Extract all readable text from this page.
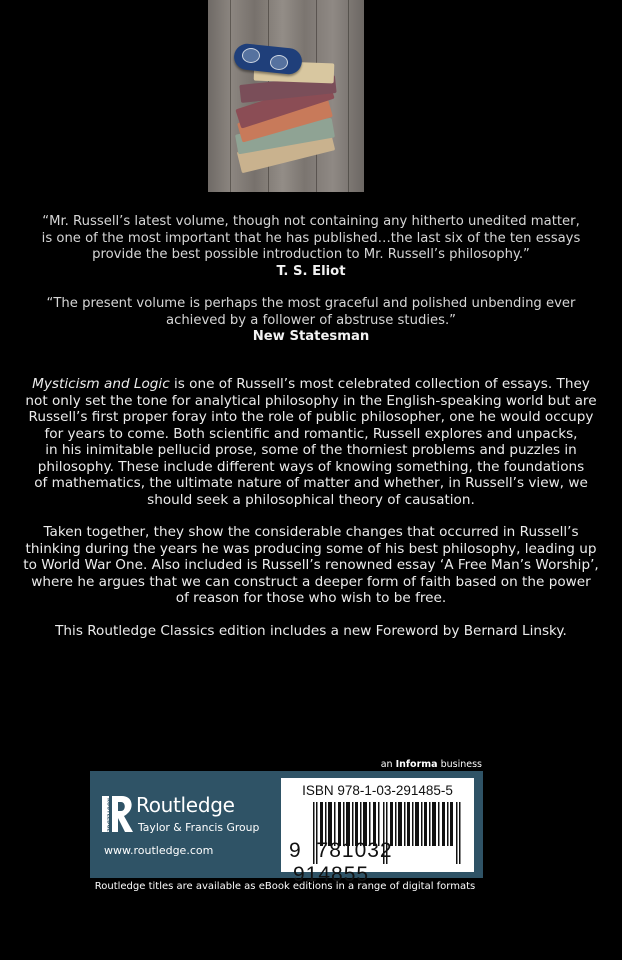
“Mr. Russell’s latest volume, though not containing any hitherto unedited matter,
is one of the most important that he has published…the last six of the ten essays
provide the best possible introduction to Mr. Russell’s philosophy.”
T. S. Eliot
“The present volume is perhaps the most graceful and polished unbending ever
achieved by a follower of abstruse studies.”
New Statesman
Mysticism and Logic is one of Russell’s most celebrated collection of essays. They
not only set the tone for analytical philosophy in the English-speaking world but are
Russell’s first proper foray into the role of public philosopher, one he would occupy
for years to come. Both scientific and romantic, Russell explores and unpacks,
in his inimitable pellucid prose, some of the thorniest problems and puzzles in
philosophy. These include different ways of knowing something, the foundations
of mathematics, the ultimate nature of matter and whether, in Russell’s view, we
should seek a philosophical theory of causation.
Taken together, they show the considerable changes that occurred in Russell’s
thinking during the years he was producing some of his best philosophy, leading up
to World War One. Also included is Russell’s renowned essay ‘A Free Man’s Worship’,
where he argues that we can construct a deeper form of faith based on the power
of reason for those who wish to be free.
This Routledge Classics edition includes a new Foreword by Bernard Linsky.
an Informa business
ROUTLEDGE Routledge
Taylor & Francis Group
www.routledge.com
ISBN 978-1-03-291485-5
9 781032 914855
Routledge titles are available as eBook editions in a range of digital formats
